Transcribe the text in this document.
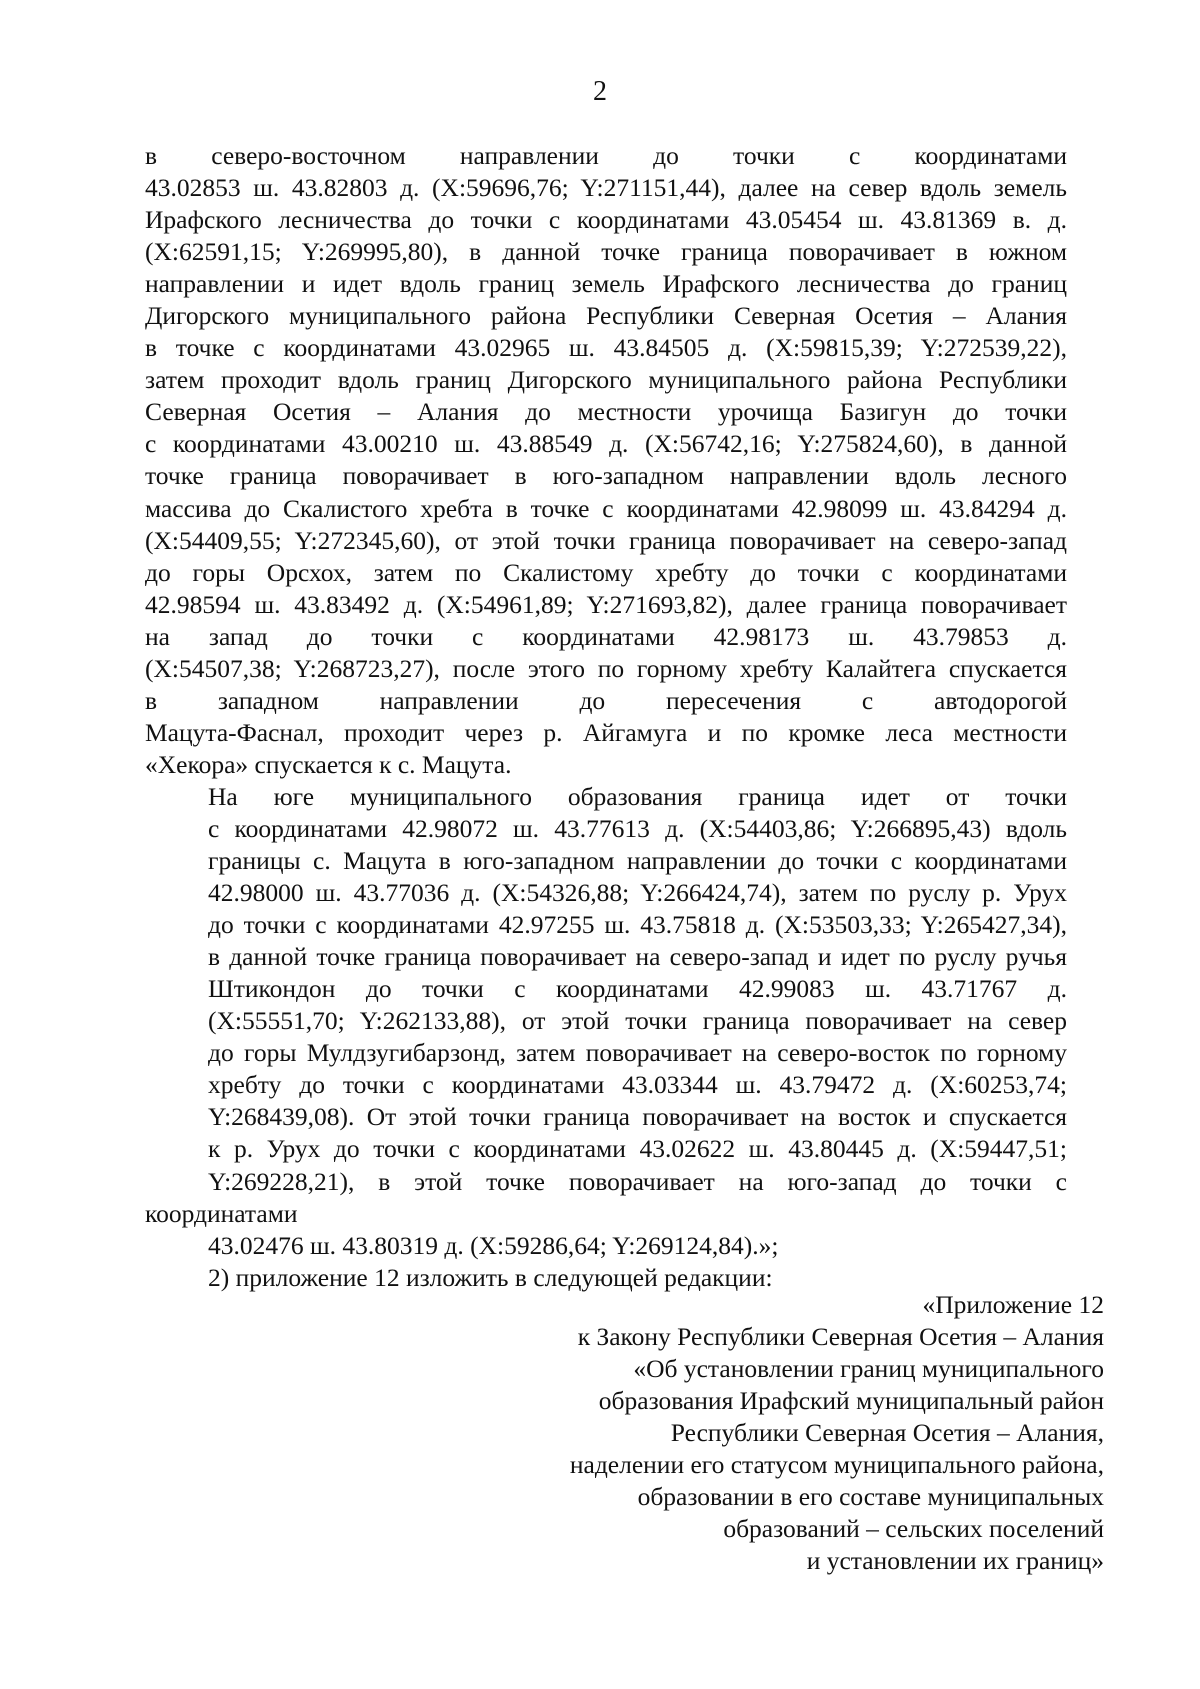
2

в северо-восточном направлении до точки с координатами
43.02853 ш. 43.82803 д. (X:59696,76; Y:271151,44), далее на север вдоль земель
Ирафского лесничества до точки с координатами 43.05454 ш. 43.81369 в. д.
(X:62591,15; Y:269995,80), в данной точке граница поворачивает в южном
направлении и идет вдоль границ земель Ирафского лесничества до границ
Дигорского муниципального района Республики Северная Осетия – Алания
в точке с координатами 43.02965 ш. 43.84505 д. (X:59815,39; Y:272539,22),
затем проходит вдоль границ Дигорского муниципального района Республики
Северная Осетия – Алания до местности урочища Базигун до точки
с координатами 43.00210 ш. 43.88549 д. (X:56742,16; Y:275824,60), в данной
точке граница поворачивает в юго-западном направлении вдоль лесного
массива до Скалистого хребта в точке с координатами 42.98099 ш. 43.84294 д.
(X:54409,55; Y:272345,60), от этой точки граница поворачивает на северо-запад
до горы Орсхох, затем по Скалистому хребту до точки с координатами
42.98594 ш. 43.83492 д. (X:54961,89; Y:271693,82), далее граница поворачивает
на запад до точки с координатами 42.98173 ш. 43.79853 д.
(X:54507,38; Y:268723,27), после этого по горному хребту Калайтега спускается
в западном направлении до пересечения с автодорогой
Мацута-Фаснал, проходит через р. Айгамуга и по кромке леса местности
«Хекора» спускается к с. Мацута.

На юге муниципального образования граница идет от точки
с координатами 42.98072 ш. 43.77613 д. (X:54403,86; Y:266895,43) вдоль
границы с. Мацута в юго-западном направлении до точки с координатами
42.98000 ш. 43.77036 д. (X:54326,88; Y:266424,74), затем по руслу р. Урух
до точки с координатами 42.97255 ш. 43.75818 д. (X:53503,33; Y:265427,34),
в данной точке граница поворачивает на северо-запад и идет по руслу ручья
Штикондон до точки с координатами 42.99083 ш. 43.71767 д.
(X:55551,70; Y:262133,88), от этой точки граница поворачивает на север
до горы Мулдзугибарзонд, затем поворачивает на северо-восток по горному
хребту до точки с координатами 43.03344 ш. 43.79472 д. (X:60253,74;
Y:268439,08). От этой точки граница поворачивает на восток и спускается
к р. Урух до точки с координатами 43.02622 ш. 43.80445 д. (X:59447,51;
Y:269228,21), в этой точке поворачивает на юго-запад до точки с координатами
43.02476 ш. 43.80319 д. (X:59286,64; Y:269124,84).»;

2) приложение 12 изложить в следующей редакции:

«Приложение 12
к Закону Республики Северная Осетия – Алания
«Об установлении границ муниципального
образования Ирафский муниципальный район
Республики Северная Осетия – Алания,
наделении его статусом муниципального района,
образовании в его составе муниципальных
образований – сельских поселений
и установлении их границ»
